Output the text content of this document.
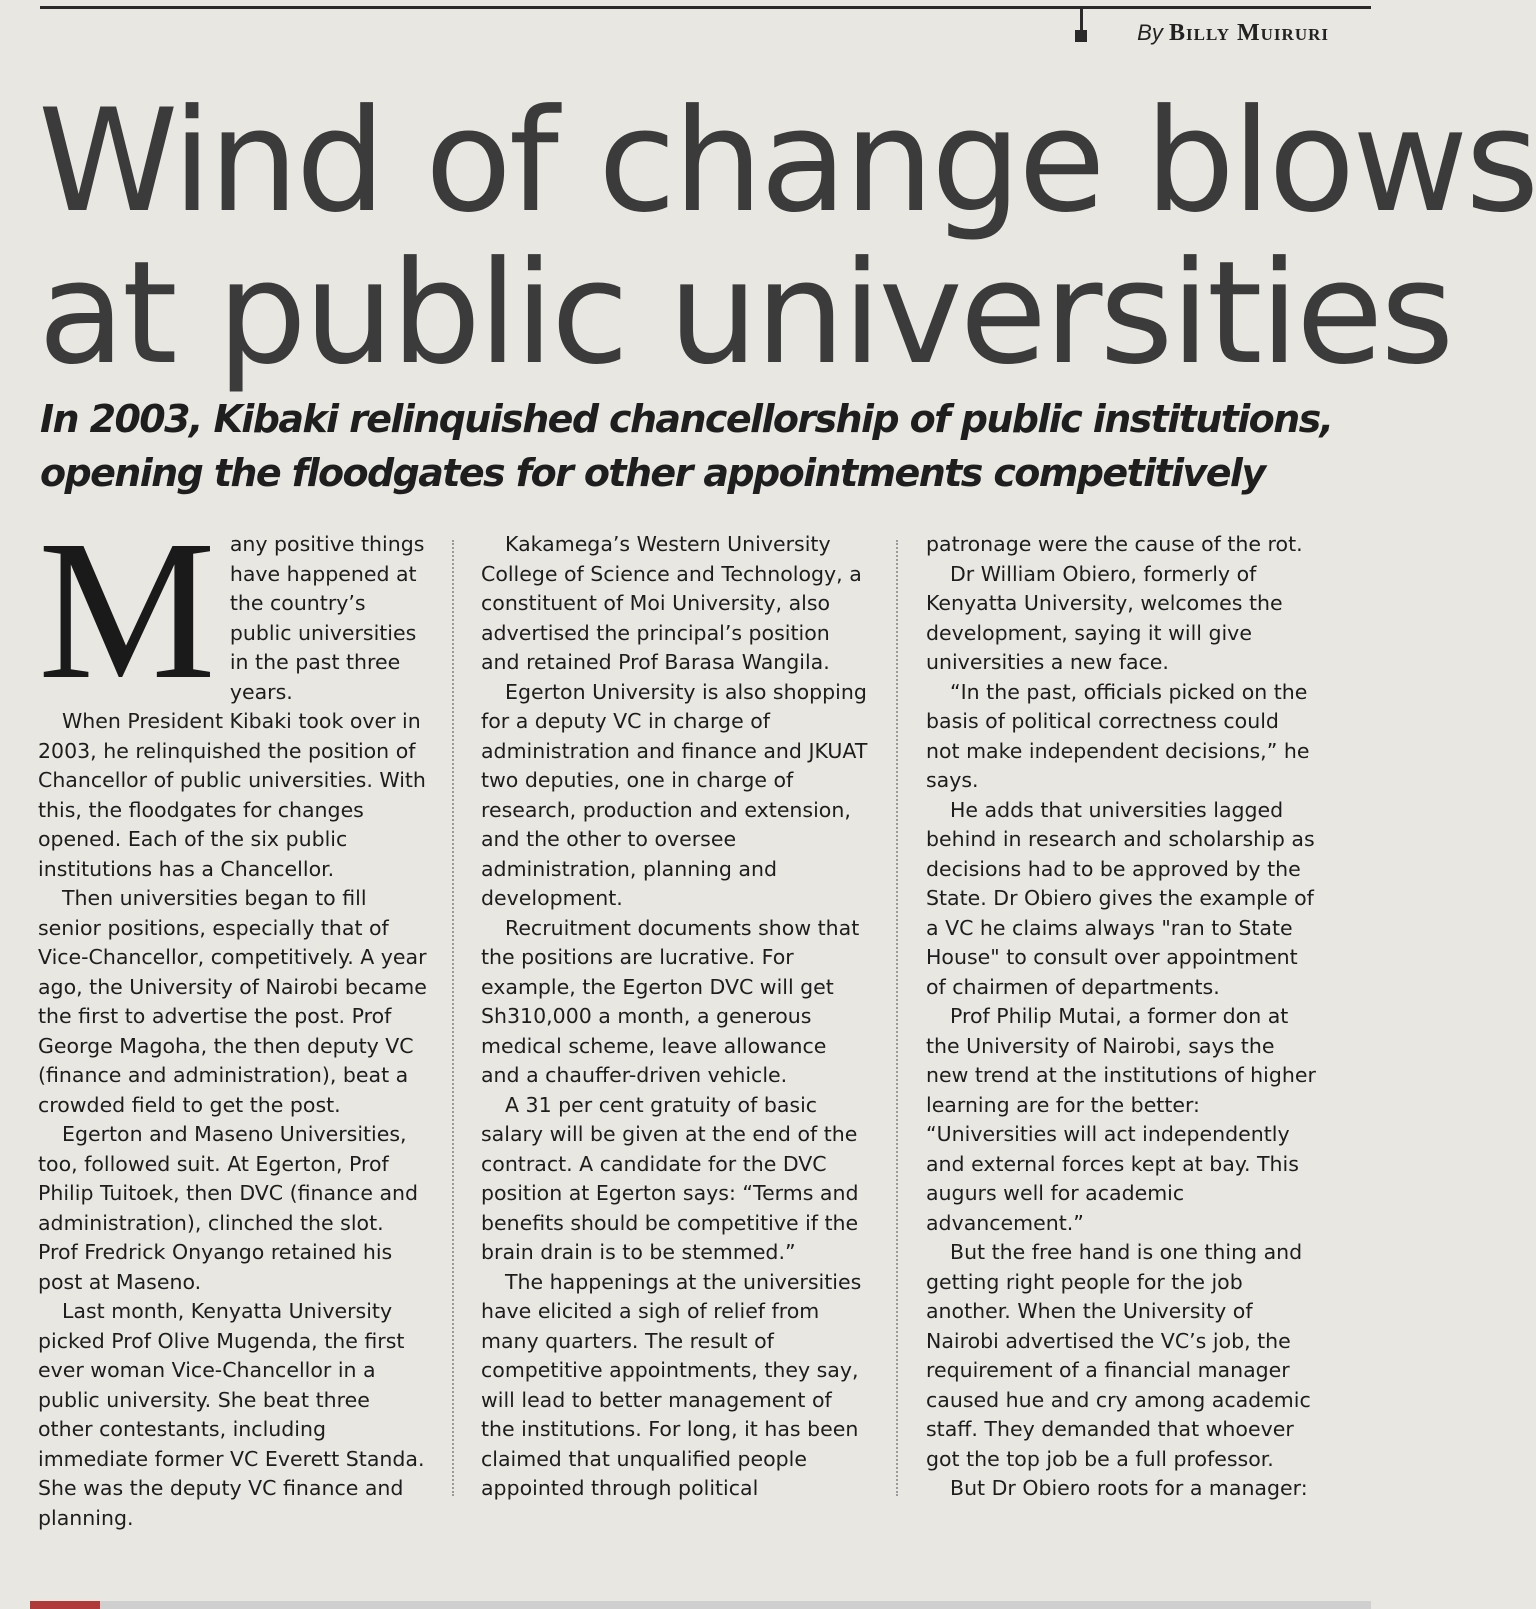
By Billy Muiruri
Wind of change blows
at public universities
In 2003, Kibaki relinquished chancellorship of public institutions,
opening the floodgates for other appointments competitively
M any positive things have happened at the country’s public universities in the past three years.

When President Kibaki took over in 2003, he relinquished the position of Chancellor of public universities. With this, the floodgates for changes opened. Each of the six public institutions has a Chancellor.

Then universities began to fill senior positions, especially that of Vice-Chancellor, competitively. A year ago, the University of Nairobi became the first to advertise the post. Prof George Magoha, the then deputy VC (finance and administration), beat a crowded field to get the post.

Egerton and Maseno Universities, too, followed suit. At Egerton, Prof Philip Tuitoek, then DVC (finance and administration), clinched the slot. Prof Fredrick Onyango retained his post at Maseno.

Last month, Kenyatta University picked Prof Olive Mugenda, the first ever woman Vice-Chancellor in a public university. She beat three other contestants, including immediate former VC Everett Standa. She was the deputy VC finance and planning.

Kakamega’s Western University College of Science and Technology, a constituent of Moi University, also advertised the principal’s position and retained Prof Barasa Wangila.

Egerton University is also shopping for a deputy VC in charge of administration and finance and JKUAT two deputies, one in charge of research, production and extension, and the other to oversee administration, planning and development.

Recruitment documents show that the positions are lucrative. For example, the Egerton DVC will get Sh310,000 a month, a generous medical scheme, leave allowance and a chauffer-driven vehicle.

A 31 per cent gratuity of basic salary will be given at the end of the contract. A candidate for the DVC position at Egerton says: “Terms and benefits should be competitive if the brain drain is to be stemmed.”

The happenings at the universities have elicited a sigh of relief from many quarters. The result of competitive appointments, they say, will lead to better management of the institutions. For long, it has been claimed that unqualified people appointed through political

patronage were the cause of the rot.

Dr William Obiero, formerly of Kenyatta University, welcomes the development, saying it will give universities a new face.

“In the past, officials picked on the basis of political correctness could not make independent decisions,” he says.

He adds that universities lagged behind in research and scholarship as decisions had to be approved by the State. Dr Obiero gives the example of a VC he claims always "ran to State House" to consult over appointment of chairmen of departments.

Prof Philip Mutai, a former don at the University of Nairobi, says the new trend at the institutions of higher learning are for the better: “Universities will act independently and external forces kept at bay. This augurs well for academic advancement.”

But the free hand is one thing and getting right people for the job another. When the University of Nairobi advertised the VC’s job, the requirement of a financial manager caused hue and cry among academic staff. They demanded that whoever got the top job be a full professor.

But Dr Obiero roots for a manager:
